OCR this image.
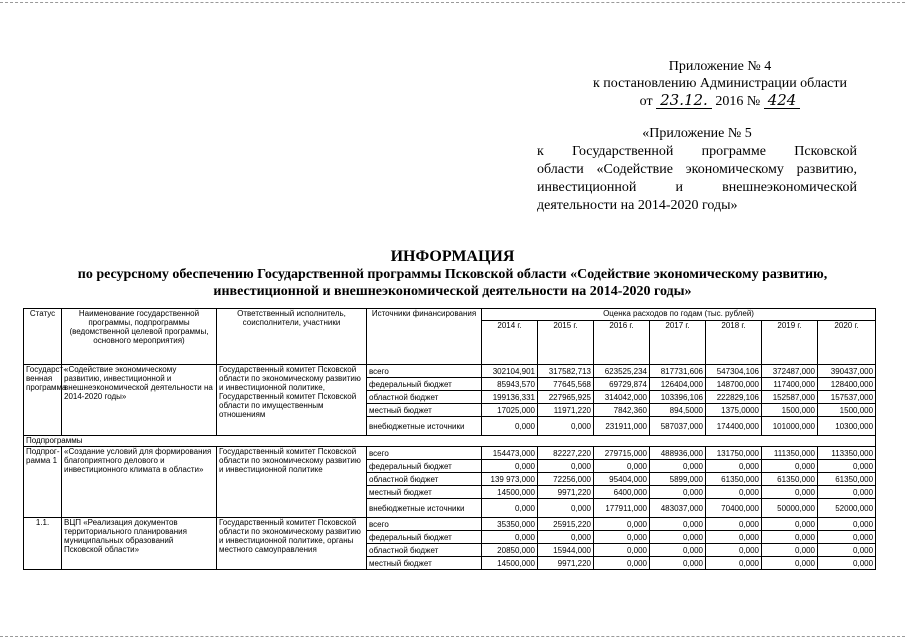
Приложение № 4
к постановлению Администрации области
от 23.12. 2016 № 424
«Приложение № 5
к Государственной программе Псковской
области «Содействие экономическому развитию,
инвестиционной и внешнеэкономической
деятельности на 2014-2020 годы»
ИНФОРМАЦИЯ
по ресурсному обеспечению Государственной программы Псковской области «Содействие экономическому развитию,
инвестиционной и внешнеэкономической деятельности на 2014-2020 годы»
Статус	Наименование государственной программы, подпрограммы (ведомственной целевой программы, основного мероприятия)	Ответственный исполнитель, соисполнители, участники	Источники финансирования	Оценка расходов по годам (тыс. рублей)						
				2014 г.	2015 г.	2016 г.	2017 г.	2018 г.	2019 г.	2020 г.
Государст-венная программа	«Содействие экономическому развитию, инвестиционной и внешнеэкономической деятельности на 2014-2020 годы»	Государственный комитет Псковской области по экономическому развитию и инвестиционной политике, Государственный комитет Псковской области по имущественным отношениям	всего	302104,901	317582,713	623525,234	817731,606	547304,106	372487,000	390437,000
			федеральный бюджет	85943,570	77645,568	69729,874	126404,000	148700,000	117400,000	128400,000
			областной бюджет	199136,331	227965,925	314042,000	103396,106	222829,106	152587,000	157537,000
			местный бюджет	17025,000	11971,220	7842,360	894,5000	1375,0000	1500,000	1500,000
			внебюджетные источники	0,000	0,000	231911,000	587037,000	174400,000	101000,000	10300,000
Подпрограммы										
Подпрог-рамма 1	«Создание условий для формирования благоприятного делового и инвестиционного климата в области»	Государственный комитет Псковской области по экономическому развитию и инвестиционной политике	всего	154473,000	82227,220	279715,000	488936,000	131750,000	111350,000	113350,000
			федеральный бюджет	0,000	0,000	0,000	0,000	0,000	0,000	0,000
			областной бюджет	139 973,000	72256,000	95404,000	5899,000	61350,000	61350,000	61350,000
			местный бюджет	14500,000	9971,220	6400,000	0,000	0,000	0,000	0,000
			внебюджетные источники	0,000	0,000	177911,000	483037,000	70400,000	50000,000	52000,000
1.1.	ВЦП «Реализация документов территориального планирования муниципальных образований Псковской области»	Государственный комитет Псковской области по экономическому развитию и инвестиционной политике, органы местного самоуправления	всего	35350,000	25915,220	0,000	0,000	0,000	0,000	0,000
			федеральный бюджет	0,000	0,000	0,000	0,000	0,000	0,000	0,000
			областной бюджет	20850,000	15944,000	0,000	0,000	0,000	0,000	0,000
			местный бюджет	14500,000	9971,220	0,000	0,000	0,000	0,000	0,000
